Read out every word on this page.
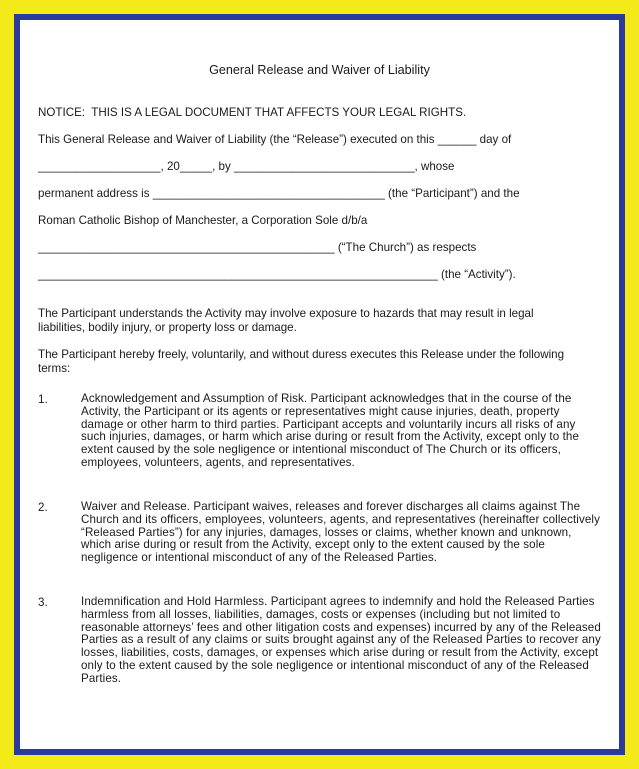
General Release and Waiver of Liability
NOTICE:  THIS IS A LEGAL DOCUMENT THAT AFFECTS YOUR LEGAL RIGHTS.
This General Release and Waiver of Liability (the “Release”) executed on this ______ day of
___________________, 20_____, by ____________________________, whose
permanent address is ____________________________________ (the “Participant”) and the
Roman Catholic Bishop of Manchester, a Corporation Sole d/b/a
______________________________________________ (“The Church”) as respects
______________________________________________________________ (the “Activity”).
The Participant understands the Activity may involve exposure to hazards that may result in legal liabilities, bodily injury, or property loss or damage.
The Participant hereby freely, voluntarily, and without duress executes this Release under the following terms:
1.	Acknowledgement and Assumption of Risk. Participant acknowledges that in the course of the Activity, the Participant or its agents or representatives might cause injuries, death, property damage or other harm to third parties. Participant accepts and voluntarily incurs all risks of any such injuries, damages, or harm which arise during or result from the Activity, except only to the extent caused by the sole negligence or intentional misconduct of The Church or its officers, employees, volunteers, agents, and representatives.
2.	Waiver and Release. Participant waives, releases and forever discharges all claims against The Church and its officers, employees, volunteers, agents, and representatives (hereinafter collectively “Released Parties”) for any injuries, damages, losses or claims, whether known and unknown, which arise during or result from the Activity, except only to the extent caused by the sole negligence or intentional misconduct of any of the Released Parties.
3.	Indemnification and Hold Harmless. Participant agrees to indemnify and hold the Released Parties harmless from all losses, liabilities, damages, costs or expenses (including but not limited to reasonable attorneys’ fees and other litigation costs and expenses) incurred by any of the Released Parties as a result of any claims or suits brought against any of the Released Parties to recover any losses, liabilities, costs, damages, or expenses which arise during or result from the Activity, except only to the extent caused by the sole negligence or intentional misconduct of any of the Released Parties.
